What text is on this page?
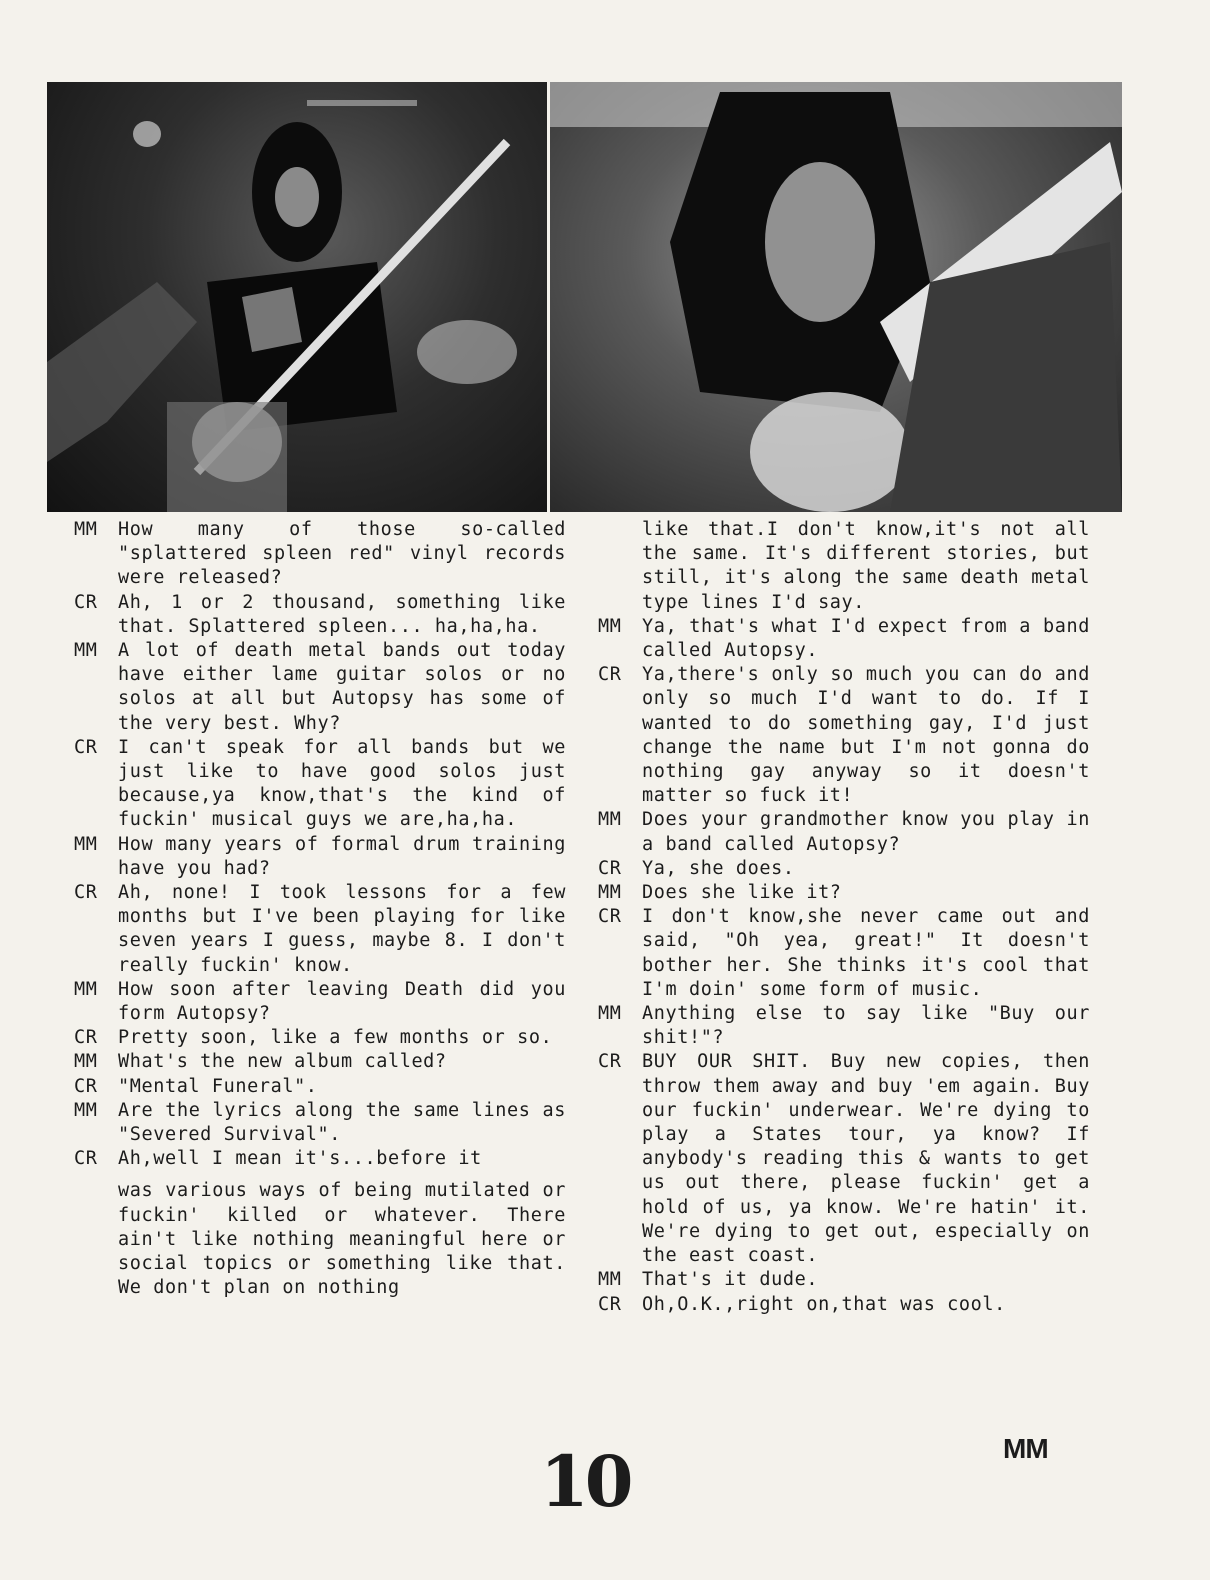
MM	How many of those so-called "splattered spleen red" vinyl records were released?
CR	Ah, 1 or 2 thousand, something like that. Splattered spleen... ha,ha,ha.
MM	A lot of death metal bands out today have either lame guitar solos or no solos at all but Autopsy has some of the very best. Why?
CR	I can't speak for all bands but we just like to have good solos just because,ya know,that's the kind of fuckin' musical guys we are,ha,ha.
MM	How many years of formal drum training have you had?
CR	Ah, none! I took lessons for a few months but I've been playing for like seven years I guess, maybe 8. I don't really fuckin' know.
MM	How soon after leaving Death did you form Autopsy?
CR	Pretty soon, like a few months or so.
MM	What's the new album called?
CR	"Mental Funeral".
MM	Are the lyrics along the same lines as "Severed Survival".
CR	Ah,well I mean it's...before it
was various ways of being mutilated or fuckin' killed or whatever. There ain't like nothing meaningful here or social topics or something like that. We don't plan on nothing
like that.I don't know,it's not all the same. It's different stories, but still, it's along the same death metal type lines I'd say.
MM	Ya, that's what I'd expect from a band called Autopsy.
CR	Ya,there's only so much you can do and only so much I'd want to do. If I wanted to do something gay, I'd just change the name but I'm not gonna do nothing gay anyway so it doesn't matter so fuck it!
MM	Does your grandmother know you play in a band called Autopsy?
CR	Ya, she does.
MM	Does she like it?
CR	I don't know,she never came out and said, "Oh yea, great!" It doesn't bother her. She thinks it's cool that I'm doin' some form of music.
MM	Anything else to say like "Buy our shit!"?
CR	BUY OUR SHIT. Buy new copies, then throw them away and buy 'em again. Buy our fuckin' underwear. We're dying to play a States tour, ya know? If anybody's reading this & wants to get us out there, please fuckin' get a hold of us, ya know. We're hatin' it. We're dying to get out, especially on the east coast.
MM	That's it dude.
CR	Oh,O.K.,right on,that was cool.
MM
10
